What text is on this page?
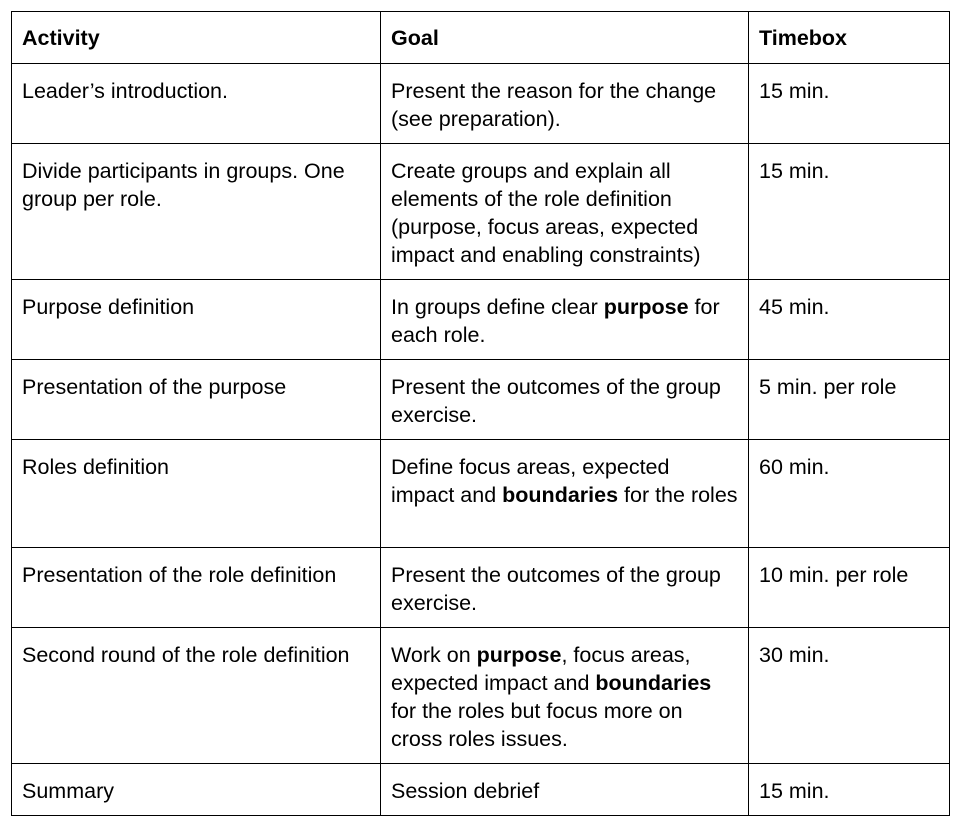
Activity	Goal	Timebox
Leader’s introduction.	Present the reason for the change (see preparation).	15 min.
Divide participants in groups. One group per role.	Create groups and explain all elements of the role definition (purpose, focus areas, expected impact and enabling constraints)	15 min.
Purpose definition	In groups define clear purpose for each role.	45 min.
Presentation of the purpose	Present the outcomes of the group exercise.	5 min. per role
Roles definition	Define focus areas, expected impact and boundaries for the roles	60 min.
Presentation of the role definition	Present the outcomes of the group exercise.	10 min. per role
Second round of the role definition	Work on purpose, focus areas, expected impact and boundaries for the roles but focus more on cross roles issues.	30 min.
Summary	Session debrief	15 min.
